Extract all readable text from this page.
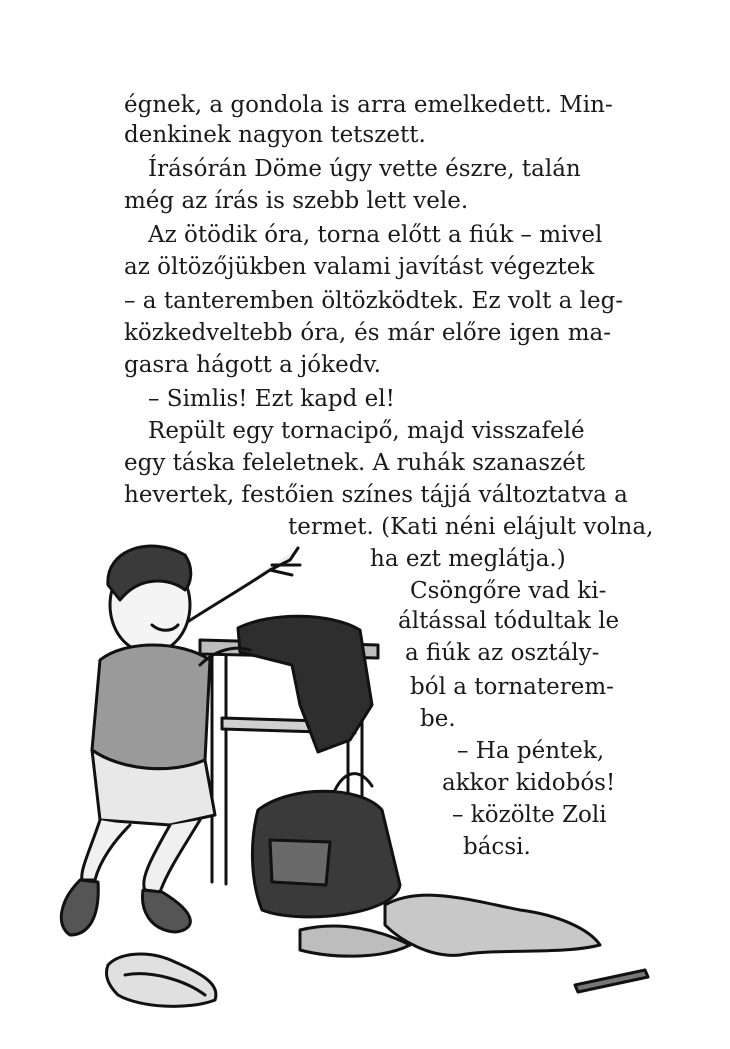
égnek, a gondola is arra emelkedett. Min-
denkinek nagyon tetszett.
Írásórán Döme úgy vette észre, talán
még az írás is szebb lett vele.
Az ötödik óra, torna előtt a fiúk – mivel
az öltözőjükben valami javítást végeztek
– a tanteremben öltözködtek. Ez volt a leg-
közkedveltebb óra, és már előre igen ma-
gasra hágott a jókedv.
– Simlis! Ezt kapd el!
Repült egy tornacipő, majd visszafelé
egy táska feleletnek. A ruhák szanaszét
hevertek, festőien színes tájjá változtatva a
termet. (Kati néni elájult volna,
ha ezt meglátja.)
Csöngőre vad ki-
áltással tódultak le
a fiúk az osztály-
ból a tornaterem-
be.
– Ha péntek,
akkor kidobós!
– közölte Zoli
bácsi.
